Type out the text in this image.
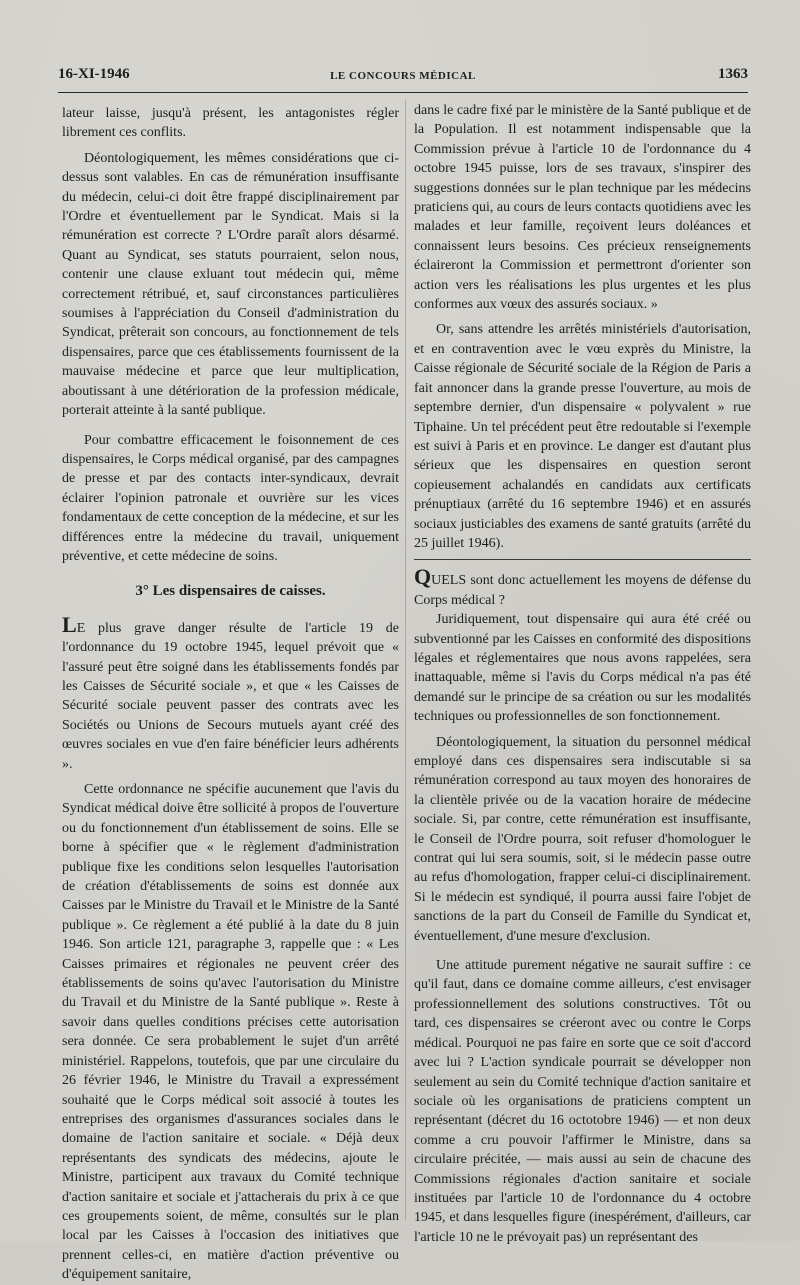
16-XI-1946	LE CONCOURS MÉDICAL	1363

lateur laisse, jusqu'à présent, les antagonistes régler librement ces conflits.

Déontologiquement, les mêmes considérations que ci-dessus sont valables. En cas de rémunération insuffisante du médecin, celui-ci doit être frappé disciplinairement par l'Ordre et éventuellement par le Syndicat. Mais si la rémunération est correcte ? L'Ordre paraît alors désarmé. Quant au Syndicat, ses statuts pourraient, selon nous, contenir une clause exluant tout médecin qui, même correctement rétribué, et, sauf circonstances particulières soumises à l'appréciation du Conseil d'administration du Syndicat, prêterait son concours, au fonctionnement de tels dispensaires, parce que ces établissements fournissent de la mauvaise médecine et parce que leur multiplication, aboutissant à une détérioration de la profession médicale, porterait atteinte à la santé publique.

Pour combattre efficacement le foisonnement de ces dispensaires, le Corps médical organisé, par des campagnes de presse et par des contacts inter-syndicaux, devrait éclairer l'opinion patronale et ouvrière sur les vices fondamentaux de cette conception de la médecine, et sur les différences entre la médecine du travail, uniquement préventive, et cette médecine de soins.

3° Les dispensaires de caisses.

LE plus grave danger résulte de l'article 19 de l'ordonnance du 19 octobre 1945, lequel prévoit que « l'assuré peut être soigné dans les établissements fondés par les Caisses de Sécurité sociale », et que « les Caisses de Sécurité sociale peuvent passer des contrats avec les Sociétés ou Unions de Secours mutuels ayant créé des œuvres sociales en vue d'en faire bénéficier leurs adhérents ».

Cette ordonnance ne spécifie aucunement que l'avis du Syndicat médical doive être sollicité à propos de l'ouverture ou du fonctionnement d'un établissement de soins. Elle se borne à spécifier que « le règlement d'administration publique fixe les conditions selon lesquelles l'autorisation de création d'établissements de soins est donnée aux Caisses par le Ministre du Travail et le Ministre de la Santé publique ». Ce règlement a été publié à la date du 8 juin 1946. Son article 121, paragraphe 3, rappelle que : « Les Caisses primaires et régionales ne peuvent créer des établissements de soins qu'avec l'autorisation du Ministre du Travail et du Ministre de la Santé publique ». Reste à savoir dans quelles conditions précises cette autorisation sera donnée. Ce sera probablement le sujet d'un arrêté ministériel. Rappelons, toutefois, que par une circulaire du 26 février 1946, le Ministre du Travail a expressément souhaité que le Corps médical soit associé à toutes les entreprises des organismes d'assurances sociales dans le domaine de l'action sanitaire et sociale. « Déjà deux représentants des syndicats des médecins, ajoute le Ministre, participent aux travaux du Comité technique d'action sanitaire et sociale et j'attacherais du prix à ce que ces groupements soient, de même, consultés sur le plan local par les Caisses à l'occasion des initiatives que prennent celles-ci, en matière d'action préventive ou d'équipement sanitaire,

dans le cadre fixé par le ministère de la Santé publique et de la Population. Il est notamment indispensable que la Commission prévue à l'article 10 de l'ordonnance du 4 octobre 1945 puisse, lors de ses travaux, s'inspirer des suggestions données sur le plan technique par les médecins praticiens qui, au cours de leurs contacts quotidiens avec les malades et leur famille, reçoivent leurs doléances et connaissent leurs besoins. Ces précieux renseignements éclaireront la Commission et permettront d'orienter son action vers les réalisations les plus urgentes et les plus conformes aux vœux des assurés sociaux. »

Or, sans attendre les arrêtés ministériels d'autorisation, et en contravention avec le vœu exprès du Ministre, la Caisse régionale de Sécurité sociale de la Région de Paris a fait annoncer dans la grande presse l'ouverture, au mois de septembre dernier, d'un dispensaire « polyvalent » rue Tiphaine. Un tel précédent peut être redoutable si l'exemple est suivi à Paris et en province. Le danger est d'autant plus sérieux que les dispensaires en question seront copieusement achalandés en candidats aux certificats prénuptiaux (arrêté du 16 septembre 1946) et en assurés sociaux justiciables des examens de santé gratuits (arrêté du 25 juillet 1946).

QUELS sont donc actuellement les moyens de défense du Corps médical ?

Juridiquement, tout dispensaire qui aura été créé ou subventionné par les Caisses en conformité des dispositions légales et réglementaires que nous avons rappelées, sera inattaquable, même si l'avis du Corps médical n'a pas été demandé sur le principe de sa création ou sur les modalités techniques ou professionnelles de son fonctionnement.

Déontologiquement, la situation du personnel médical employé dans ces dispensaires sera indiscutable si sa rémunération correspond au taux moyen des honoraires de la clientèle privée ou de la vacation horaire de médecine sociale. Si, par contre, cette rémunération est insuffisante, le Conseil de l'Ordre pourra, soit refuser d'homologuer le contrat qui lui sera soumis, soit, si le médecin passe outre au refus d'homologation, frapper celui-ci disciplinairement. Si le médecin est syndiqué, il pourra aussi faire l'objet de sanctions de la part du Conseil de Famille du Syndicat et, éventuellement, d'une mesure d'exclusion.

Une attitude purement négative ne saurait suffire : ce qu'il faut, dans ce domaine comme ailleurs, c'est envisager professionnellement des solutions constructives. Tôt ou tard, ces dispensaires se créeront avec ou contre le Corps médical. Pourquoi ne pas faire en sorte que ce soit d'accord avec lui ? L'action syndicale pourrait se développer non seulement au sein du Comité technique d'action sanitaire et sociale où les organisations de praticiens comptent un représentant (décret du 16 octotobre 1946) — et non deux comme a cru pouvoir l'affirmer le Ministre, dans sa circulaire précitée, — mais aussi au sein de chacune des Commissions régionales d'action sanitaire et sociale instituées par l'article 10 de l'ordonnance du 4 octobre 1945, et dans lesquelles figure (inespérément, d'ailleurs, car l'article 10 ne le prévoyait pas) un représentant des
